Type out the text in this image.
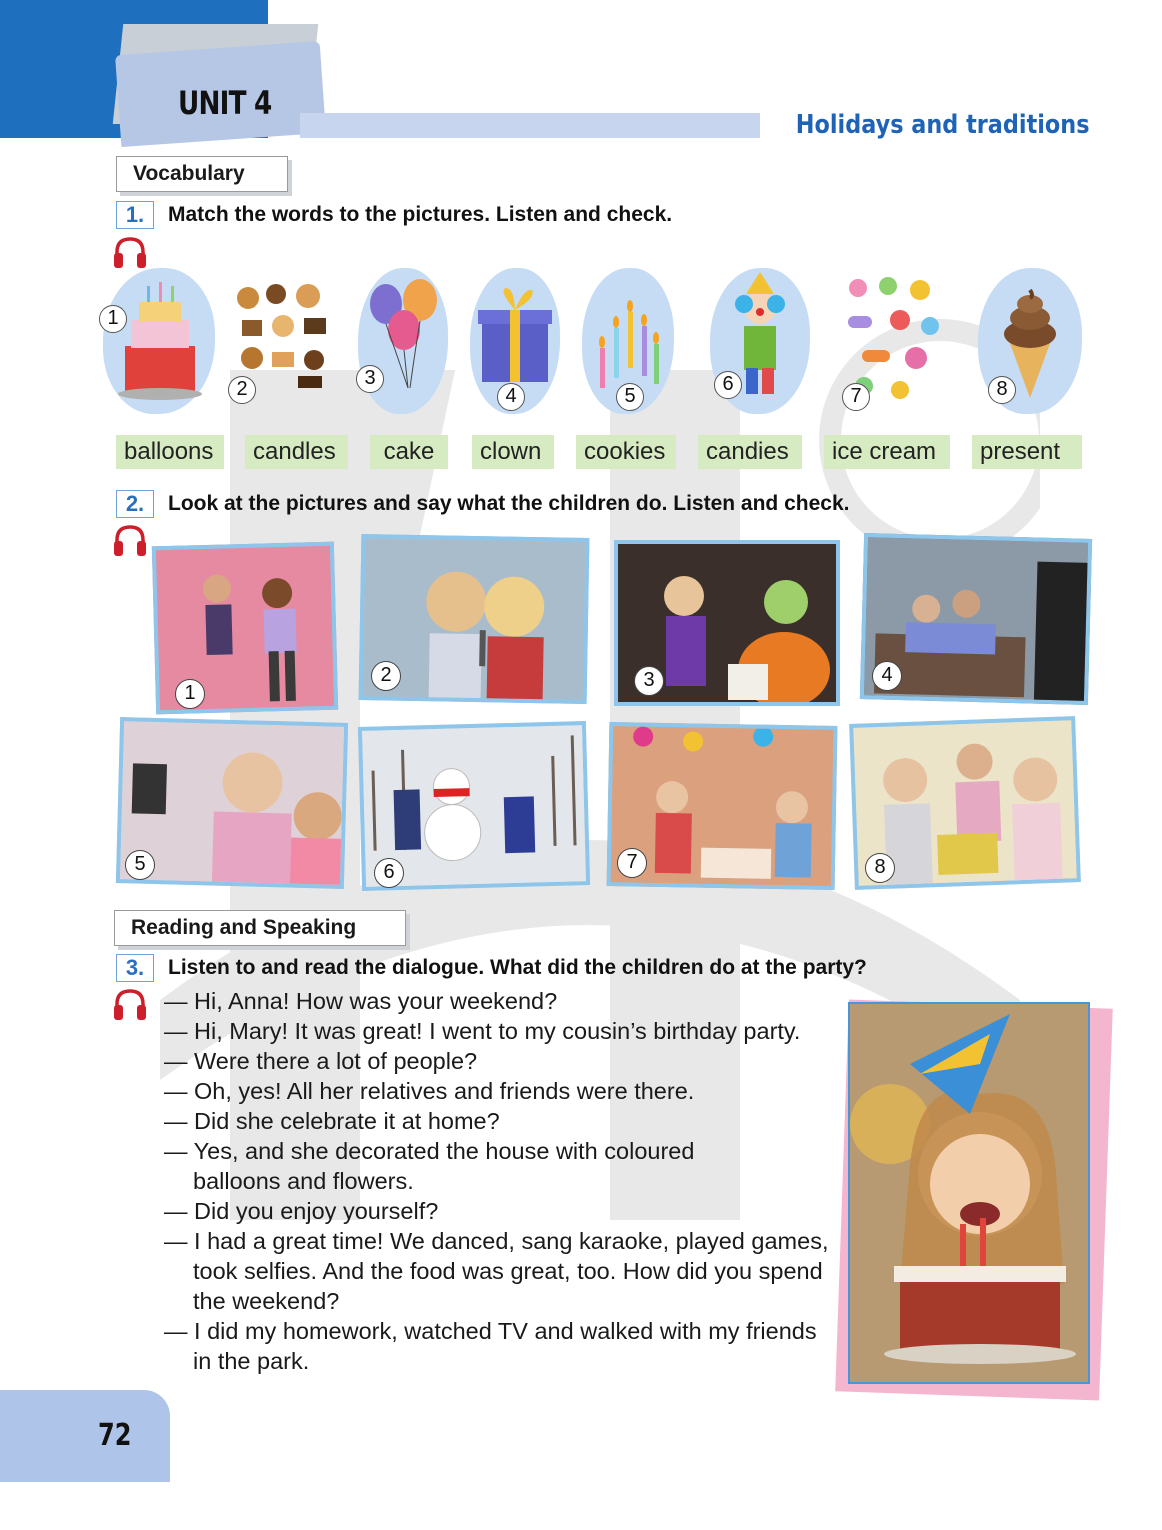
UNIT 4
Holidays and traditions
Vocabulary
1.	Match the words to the pictures. Listen and check.
1
2	3
4	5
6
7	8
balloons	candles	cake	clown	cookies	candies	ice cream	present
2.	Look at the pictures and say what the children do. Listen and check.
1
2	3	4
5	6	7	8
Reading and Speaking
3.	Listen to and read the dialogue. What did the children do at the party?
— Hi, Anna! How was your weekend?
— Hi, Mary! It was great! I went to my cousin’s birthday party.
— Were there a lot of people?
— Oh, yes! All her relatives and friends were there.
— Did she celebrate it at home?
— Yes, and she decorated the house with coloured balloons and flowers.
— Did you enjoy yourself?
— I had a great time! We danced, sang karaoke, played games, took selfies. And the food was great, too. How did you spend the weekend?
— I did my homework, watched TV and walked with my friends in the park.
72
